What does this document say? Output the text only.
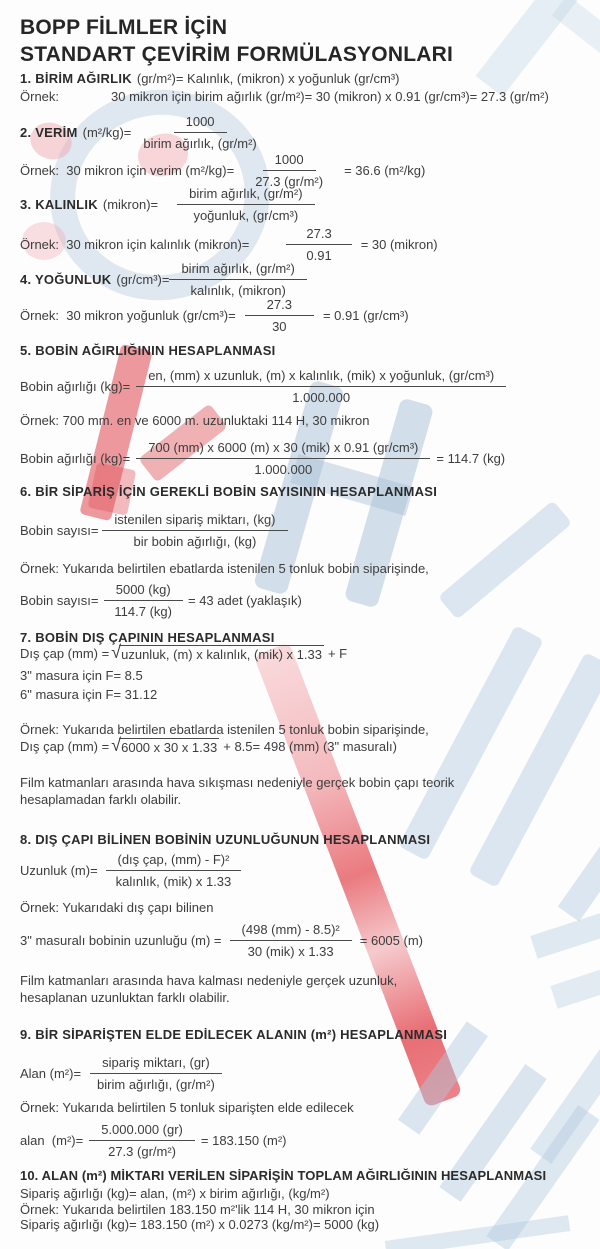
BOPP FİLMLER İÇİN
STANDART ÇEVİRİM FORMÜLASYONLARI
1. BİRİM AĞIRLIK (gr/m²)= Kalınlık, (mikron) x yoğunluk (gr/cm³)
Örnek:	30 mikron için birim ağırlık (gr/m²)= 30 (mikron) x 0.91 (gr/cm³)= 27.3 (gr/m²)
2. VERİM $(m^2/kg)= \frac{1000}{\text{birim ağırlık, (gr/m²)}}$
Örnek:  30 mikron için verim $(m^2/kg)= \frac{1000}{\text{27.3 (gr/m²)}} = 36.6$ (m²/kg)
3. KALINLIK (mikron)= $\frac{\text{birim ağırlık, (gr/m²)}}{\text{yoğunluk, (gr/cm³)}}$
Örnek:  30 mikron için kalınlık (mikron)=	$\frac{27.3}{0.91} = 30$ (mikron)
4. YOĞUNLUK $(gr/cm^3)= \frac{\text{birim ağırlık, (gr/m²)}}{\text{kalınlık, (mikron)}}$
Örnek:  30 mikron yoğunluk $(gr/cm^3)= \frac{27.3}{30} = 0.91$ (gr/cm³)
5. BOBİN AĞIRLIĞININ HESAPLANMASI
Bobin ağırlığı (kg)=
en, (mm) x uzunluk, (m) x kalınlık, (mik) x yoğunluk, (gr/cm³)
1.000.000
Örnek: 700 mm. en ve 6000 m. uzunluktaki 114 H, 30 mikron
Bobin ağırlığı $(kg)= \frac{\text{700 (mm) x 6000 (m) x 30 (mik) x 0.91 (gr/cm³)}}{1.000.000} = 114.7$ (kg)
6. BİR SİPARİŞ İÇİN GEREKLİ BOBİN SAYISININ HESAPLANMASI
Bobin sayısı= $\frac{\text{istenilen sipariş miktarı, (kg)}}{\text{bir bobin ağırlığı, (kg)}}$
Örnek: Yukarıda belirtilen ebatlarda istenilen 5 tonluk bobin siparişinde,
Bobin sayısı= $\frac{5000 (kg)}{114.7 (kg)} = 43$ adet (yaklaşık)
7. BOBİN DIŞ ÇAPININ HESAPLANMASI
Dış çap (mm) = √ uzunluk, (m) x kalınlık, (mik) x 1.33 + F
3" masura için F= 8.5
6" masura için F= 31.12
Örnek: Yukarıda belirtilen ebatlarda istenilen 5 tonluk bobin siparişinde,
Dış çap (mm) = √ 6000 x 30 x 1.33 + 8.5= 498 (mm) (3" masuralı)
Film katmanları arasında hava sıkışması nedeniyle gerçek bobin çapı teorik
hesaplamadan farklı olabilir.
8. DIŞ ÇAPI BİLİNEN BOBİNİN UZUNLUĞUNUN HESAPLANMASI
Uzunluk $(m)= \frac{\text{(dış çap, (mm) - F)²}}{\text{kalınlık, (mik) x 1.33}}$
Örnek: Yukarıdaki dış çapı bilinen
3" masuralı bobinin uzunluğu $(m) = \frac{\text{(498 (mm) - 8.5)²}}{\text{30 (mik) x 1.33}} = 6005$ (m)
Film katmanları arasında hava kalması nedeniyle gerçek uzunluk,
hesaplanan uzunluktan farklı olabilir.
9. BİR SİPARİŞTEN ELDE EDİLECEK ALANIN (m²) HESAPLANMASI
Alan $(m^2)= \frac{\text{sipariş miktarı, (gr)}}{\text{birim ağırlığı, (gr/m²)}}$
Örnek: Yukarıda belirtilen 5 tonluk siparişten elde edilecek
alan  $(m^2)= \frac{5.000.000 (gr)}{\text{27.3 (gr/m²)}} = 183.150$ (m²)
10. ALAN (m²) MİKTARI VERİLEN SİPARİŞİN TOPLAM AĞIRLIĞININ HESAPLANMASI
Sipariş ağırlığı (kg)= alan, (m²) x birim ağırlığı, (kg/m²)
Örnek: Yukarıda belirtilen 183.150 m²'lik 114 H, 30 mikron için
Sipariş ağırlığı (kg)= 183.150 (m²) x 0.0273 (kg/m²)= 5000 (kg)
